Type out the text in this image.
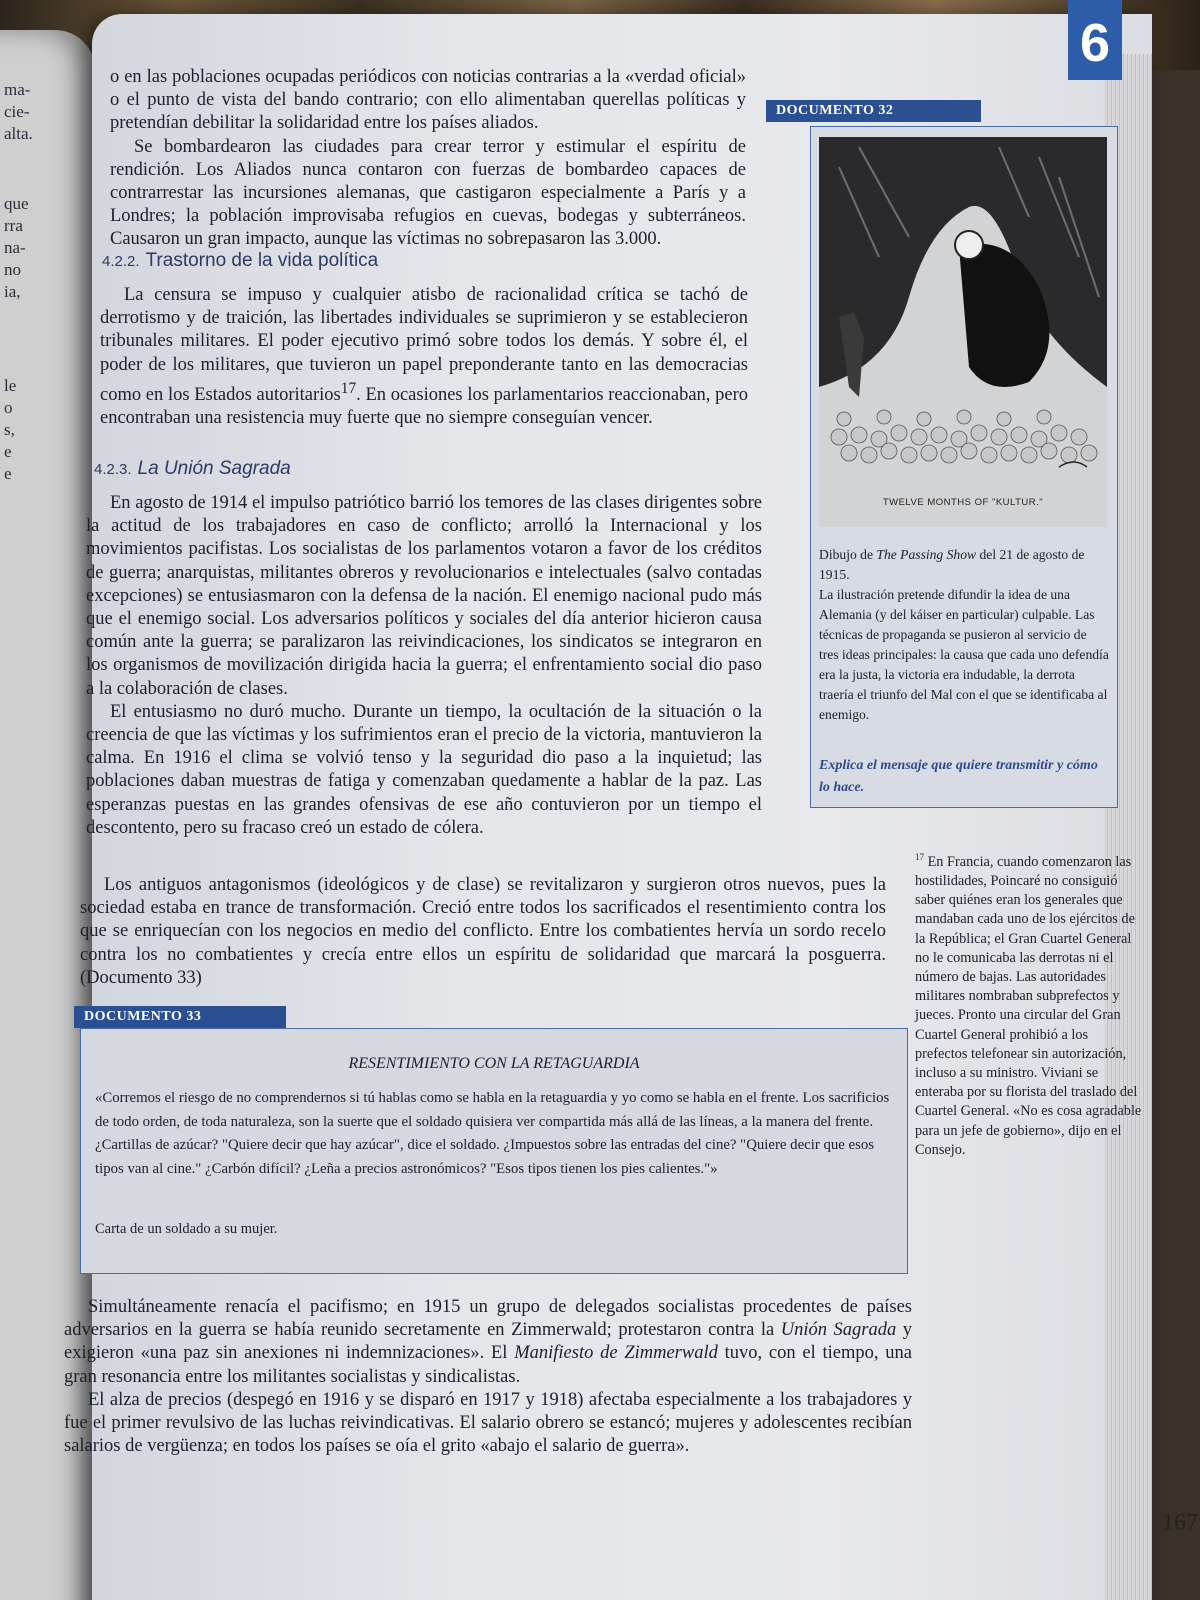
ma-
cie-
alta.
que
rra
na-
no
ia,
le
o
s,
e
e
6

o en las poblaciones ocupadas periódicos con noticias contrarias a la «verdad oficial» o el punto de vista del bando contrario; con ello alimentaban querellas políticas y pretendían debilitar la solidaridad entre los países aliados.

Se bombardearon las ciudades para crear terror y estimular el espíritu de rendición. Los Aliados nunca contaron con fuerzas de bombardeo capaces de contrarrestar las incursiones alemanas, que castigaron especialmente a París y a Londres; la población improvisaba refugios en cuevas, bodegas y subterráneos. Causaron un gran impacto, aunque las víctimas no sobrepasaron las 3.000.

4.2.2. Trastorno de la vida política

La censura se impuso y cualquier atisbo de racionalidad crítica se tachó de derrotismo y de traición, las libertades individuales se suprimieron y se establecieron tribunales militares. El poder ejecutivo primó sobre todos los demás. Y sobre él, el poder de los militares, que tuvieron un papel preponderante tanto en las democracias como en los Estados autoritarios$^{17}$. En ocasiones los parlamentarios reaccionaban, pero encontraban una resistencia muy fuerte que no siempre conseguían vencer.

4.2.3. La Unión Sagrada

En agosto de 1914 el impulso patriótico barrió los temores de las clases dirigentes sobre la actitud de los trabajadores en caso de conflicto; arrolló la Internacional y los movimientos pacifistas. Los socialistas de los parlamentos votaron a favor de los créditos de guerra; anarquistas, militantes obreros y revolucionarios e intelectuales (salvo contadas excepciones) se entusiasmaron con la defensa de la nación. El enemigo nacional pudo más que el enemigo social. Los adversarios políticos y sociales del día anterior hicieron causa común ante la guerra; se paralizaron las reivindicaciones, los sindicatos se integraron en los organismos de movilización dirigida hacia la guerra; el enfrentamiento social dio paso a la colaboración de clases.

El entusiasmo no duró mucho. Durante un tiempo, la ocultación de la situación o la creencia de que las víctimas y los sufrimientos eran el precio de la victoria, mantuvieron la calma. En 1916 el clima se volvió tenso y la seguridad dio paso a la inquietud; las poblaciones daban muestras de fatiga y comenzaban quedamente a hablar de la paz. Las esperanzas puestas en las grandes ofensivas de ese año contuvieron por un tiempo el descontento, pero su fracaso creó un estado de cólera.

Los antiguos antagonismos (ideológicos y de clase) se revitalizaron y surgieron otros nuevos, pues la sociedad estaba en trance de transformación. Creció entre todos los sacrificados el resentimiento contra los que se enriquecían con los negocios en medio del conflicto. Entre los combatientes hervía un sordo recelo contra los no combatientes y crecía entre ellos un espíritu de solidaridad que marcará la posguerra. (Documento 33)

DOCUMENTO 32
TWELVE MONTHS OF "KULTUR."

Dibujo de The Passing Show del 21 de agosto de 1915.
La ilustración pretende difundir la idea de una Alemania (y del káiser en particular) culpable. Las técnicas de propaganda se pusieron al servicio de tres ideas principales: la causa que cada uno defendía era la justa, la victoria era indudable, la derrota traería el triunfo del Mal con el que se identificaba al enemigo.

Explica el mensaje que quiere transmitir y cómo lo hace.

$^{17}$ En Francia, cuando comenzaron las hostilidades, Poincaré no consiguió saber quiénes eran los generales que mandaban cada uno de los ejércitos de la República; el Gran Cuartel General no le comunicaba las derrotas ni el número de bajas. Las autoridades militares nombraban subprefectos y jueces. Pronto una circular del Gran Cuartel General prohibió a los prefectos telefonear sin autorización, incluso a su ministro. Viviani se enteraba por su florista del traslado del Cuartel General. «No es cosa agradable para un jefe de gobierno», dijo en el Consejo.

DOCUMENTO 33
RESENTIMIENTO CON LA RETAGUARDIA

«Corremos el riesgo de no comprendernos si tú hablas como se habla en la retaguardia y yo como se habla en el frente. Los sacrificios de todo orden, de toda naturaleza, son la suerte que el soldado quisiera ver compartida más allá de las líneas, a la manera del frente. ¿Cartillas de azúcar? "Quiere decir que hay azúcar", dice el soldado. ¿Impuestos sobre las entradas del cine? "Quiere decir que esos tipos van al cine." ¿Carbón difícil? ¿Leña a precios astronómicos? "Esos tipos tienen los pies calientes."»

Carta de un soldado a su mujer.

Simultáneamente renacía el pacifismo; en 1915 un grupo de delegados socialistas procedentes de países adversarios en la guerra se había reunido secretamente en Zimmerwald; protestaron contra la Unión Sagrada y exigieron «una paz sin anexiones ni indemnizaciones». El Manifiesto de Zimmerwald tuvo, con el tiempo, una gran resonancia entre los militantes socialistas y sindicalistas.

El alza de precios (despegó en 1916 y se disparó en 1917 y 1918) afectaba especialmente a los trabajadores y fue el primer revulsivo de las luchas reivindicativas. El salario obrero se estancó; mujeres y adolescentes recibían salarios de vergüenza; en todos los países se oía el grito «abajo el salario de guerra».

167
